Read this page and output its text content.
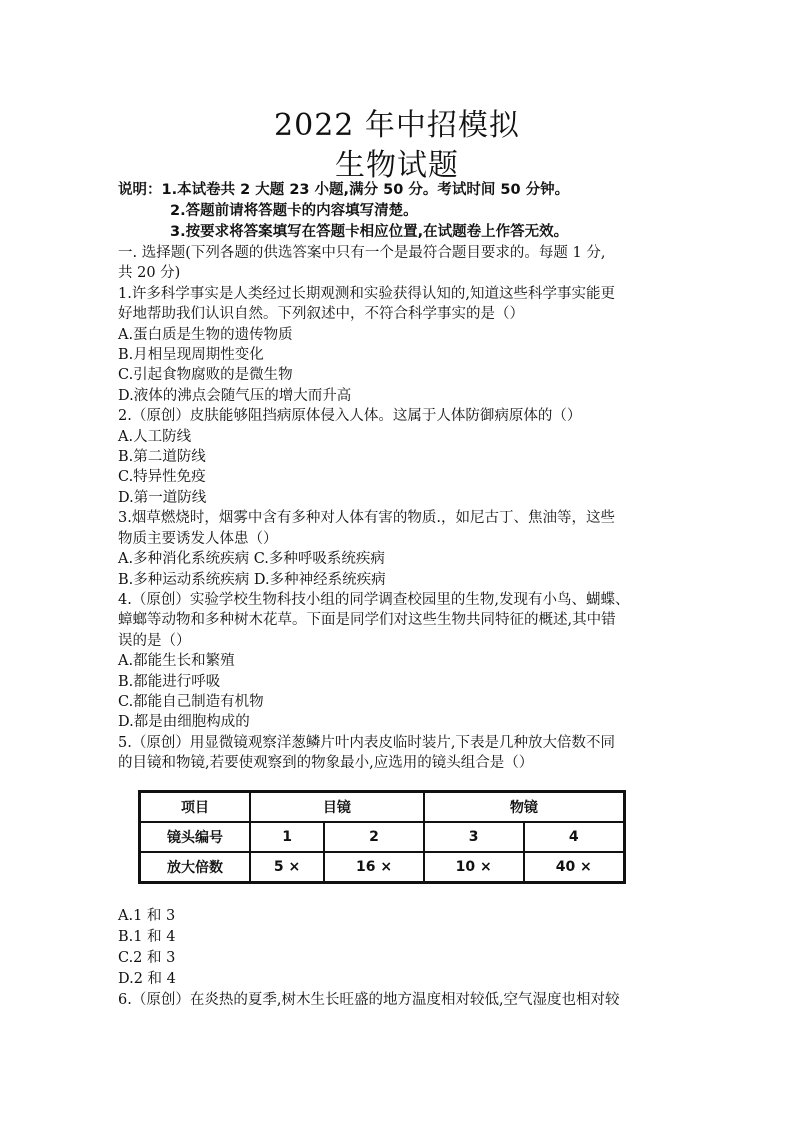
2022 年中招模拟
生物试题
说明：1.本试卷共 2 大题 23 小题,满分 50 分。考试时间 50 分钟。
2.答题前请将答题卡的内容填写清楚。
3.按要求将答案填写在答题卡相应位置,在试题卷上作答无效。
一. 选择题(下列各题的供选答案中只有一个是最符合题目要求的。每题 1 分,
共 20 分)
1.许多科学事实是人类经过长期观测和实验获得认知的,知道这些科学事实能更
好地帮助我们认识自然。下列叙述中，不符合科学事实的是（）
A.蛋白质是生物的遗传物质
B.月相呈现周期性变化
C.引起食物腐败的是微生物
D.液体的沸点会随气压的增大而升高
2.（原创）皮肤能够阻挡病原体侵入人体。这属于人体防御病原体的（）
A.人工防线
B.第二道防线
C.特异性免疫
D.第一道防线
3.烟草燃烧时，烟雾中含有多种对人体有害的物质.，如尼古丁、焦油等，这些
物质主要诱发人体患（）
A.多种消化系统疾病 C.多种呼吸系统疾病
B.多种运动系统疾病 D.多种神经系统疾病
4.（原创）实验学校生物科技小组的同学调查校园里的生物,发现有小鸟、蝴蝶、
蟑螂等动物和多种树木花草。下面是同学们对这些生物共同特征的概述,其中错
误的是（）
A.都能生长和繁殖
B.都能进行呼吸
C.都能自己制造有机物
D.都是由细胞构成的
5.（原创）用显微镜观察洋葱鳞片叶内表皮临时装片,下表是几种放大倍数不同
的目镜和物镜,若要使观察到的物象最小,应选用的镜头组合是（）
项目	目镜		物镜	
镜头编号	1	2	3	4
放大倍数	5 ×	16 ×	10 ×	40 ×
A.1 和 3
B.1 和 4
C.2 和 3
D.2 和 4
6.（原创）在炎热的夏季,树木生长旺盛的地方温度相对较低,空气湿度也相对较
